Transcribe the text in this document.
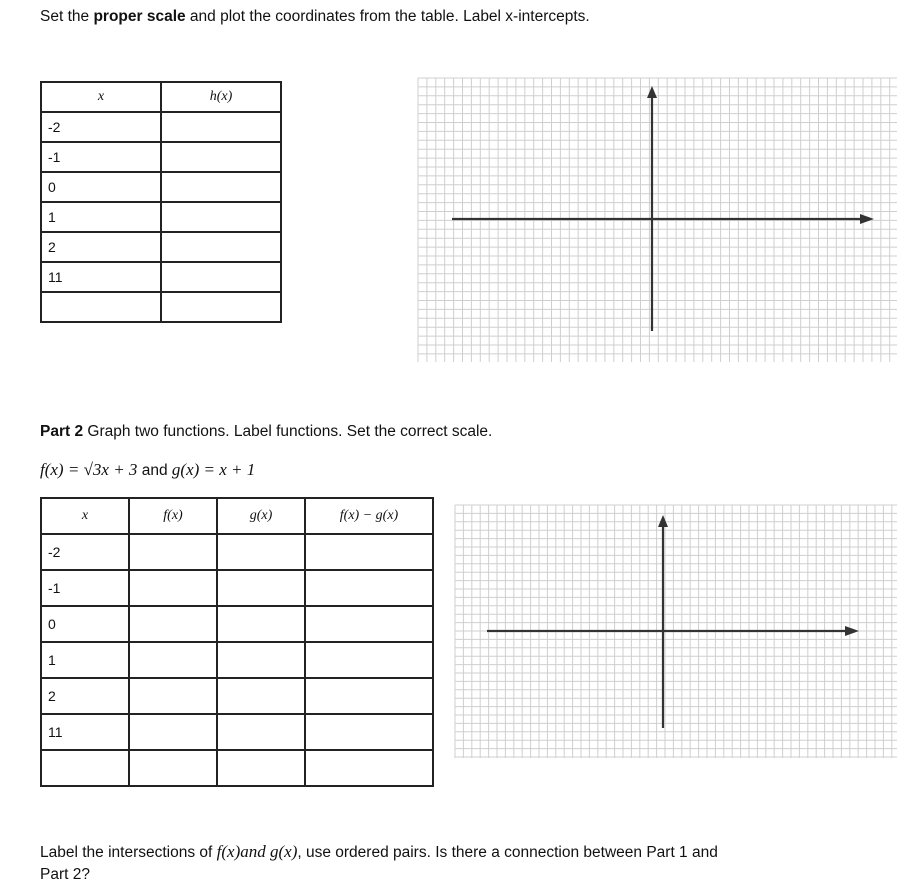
Set the proper scale and plot the coordinates from the table. Label x-intercepts.
x	h(x)
-2	
-1	
0	
1	
2	
11	

Part 2 Graph two functions. Label functions. Set the correct scale.
f(x) = √3x + 3 and g(x) = x + 1
x	f(x)	g(x)	f(x) − g(x)
-2			
-1			
0			
1			
2			
11			

Label the intersections of f(x)and g(x), use ordered pairs. Is there a connection between Part 1 and
Part 2?
